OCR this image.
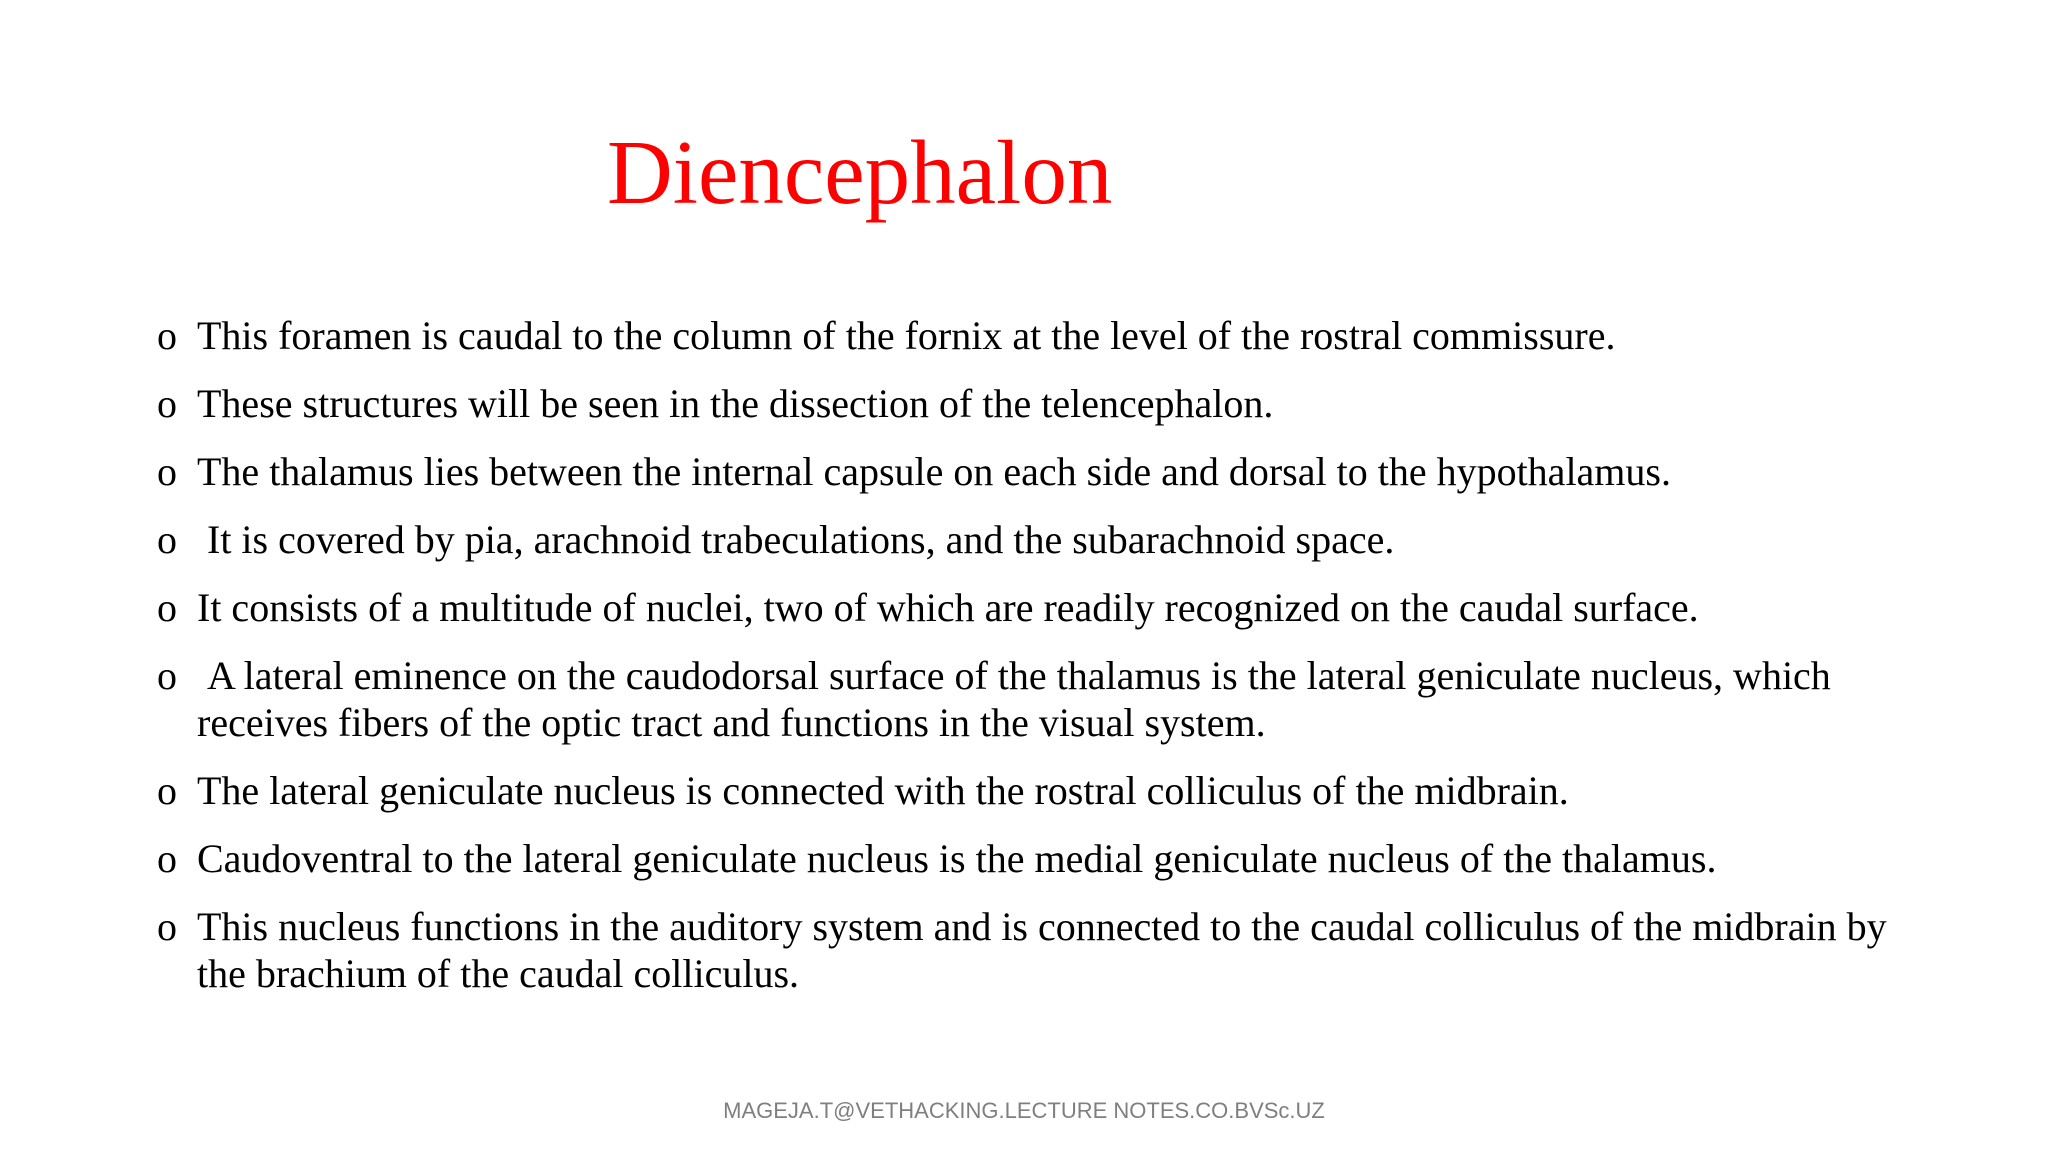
Diencephalon
o This foramen is caudal to the column of the fornix at the level of the rostral commissure.
o These structures will be seen in the dissection of the telencephalon.
o The thalamus lies between the internal capsule on each side and dorsal to the hypothalamus.
o It is covered by pia, arachnoid trabeculations, and the subarachnoid space.
o It consists of a multitude of nuclei, two of which are readily recognized on the caudal surface.
o A lateral eminence on the caudodorsal surface of the thalamus is the lateral geniculate nucleus, which receives fibers of the optic tract and functions in the visual system.
o The lateral geniculate nucleus is connected with the rostral colliculus of the midbrain.
o Caudoventral to the lateral geniculate nucleus is the medial geniculate nucleus of the thalamus.
o This nucleus functions in the auditory system and is connected to the caudal colliculus of the midbrain by the brachium of the caudal colliculus.

MAGEJA.T@VETHACKING.LECTURE NOTES.CO.BVSc.UZ
